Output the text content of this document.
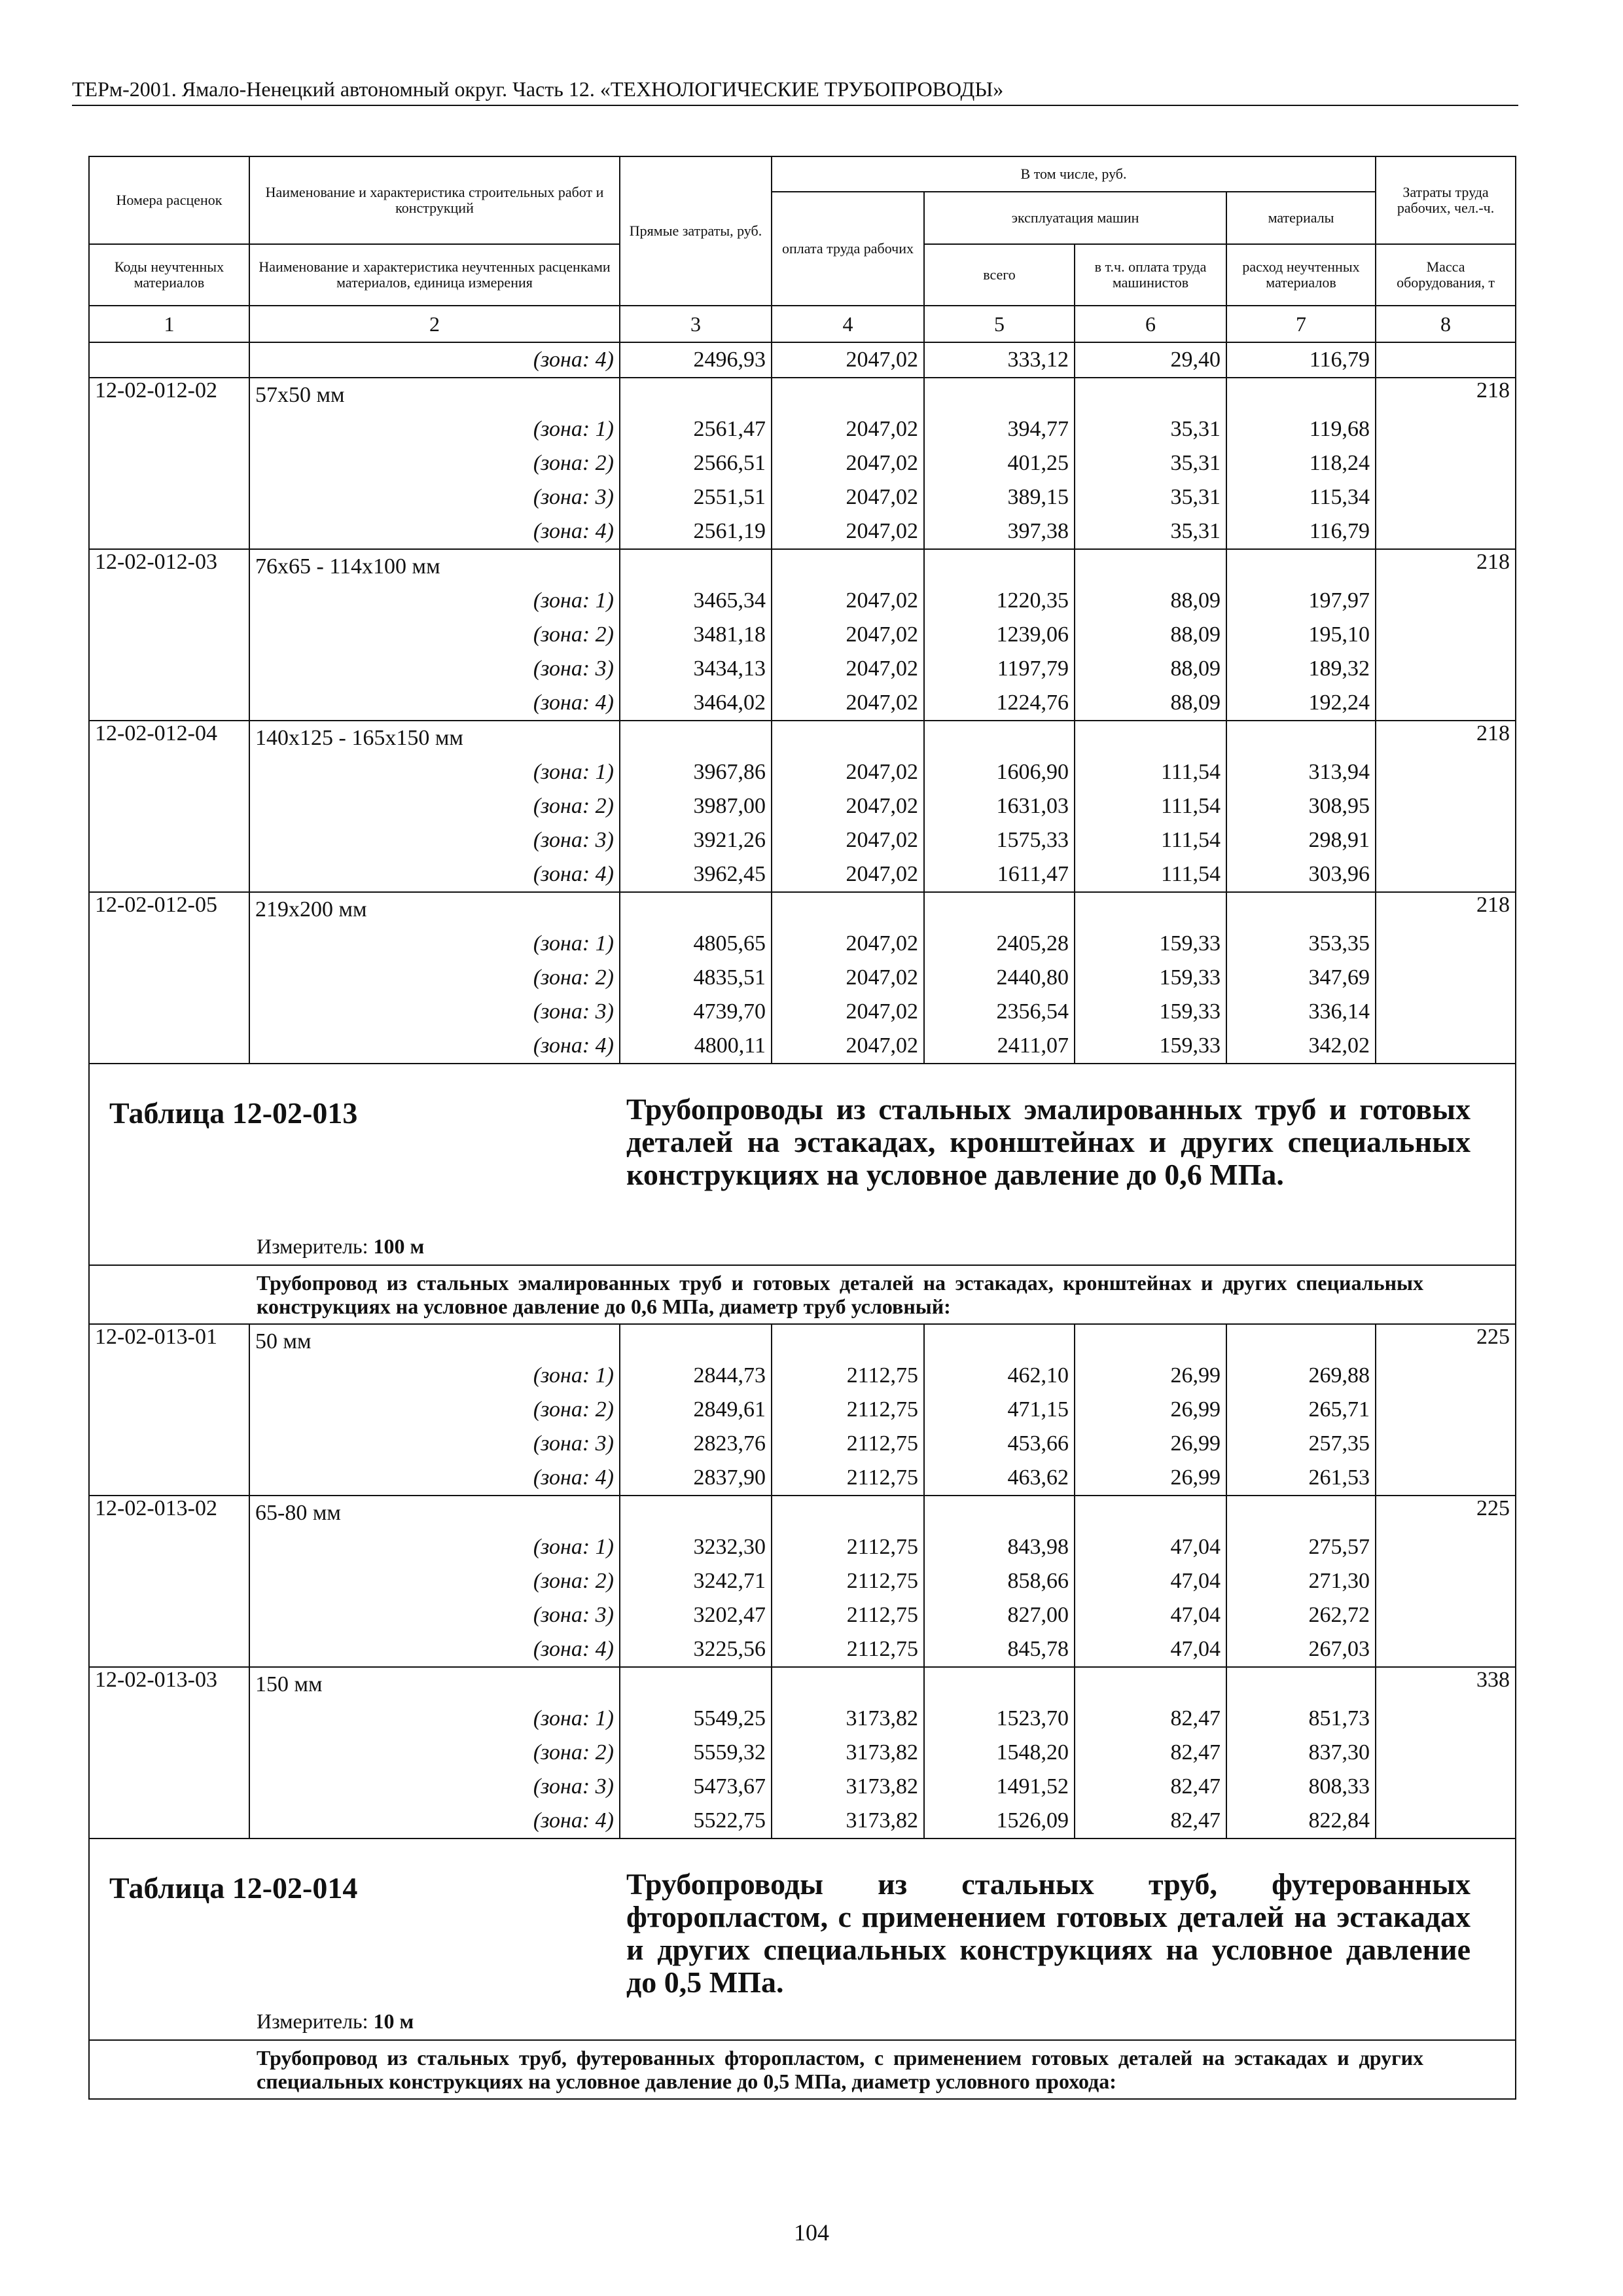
ТЕРм-2001. Ямало-Ненецкий автономный округ. Часть 12. «ТЕХНОЛОГИЧЕСКИЕ ТРУБОПРОВОДЫ»
Номера расценок	Наименование и характеристика строительных работ и конструкций	Прямые затраты, руб.	В том числе, руб.				Затраты труда рабочих, чел.-ч.
			оплата труда рабочих	эксплуатация машин		материалы	
Коды неучтенных материалов	Наименование и характеристика неучтенных расценками материалов, единица измерения			всего	в т.ч. оплата труда машинистов	расход неучтенных материалов	Масса оборудования, т

1	2	3	4	5	6	7	8
	(зона: 4)	2496,93	2047,02	333,12	29,40	116,79	
12-02-012-02	57x50 мм						218
	(зона: 1)	2561,47	2047,02	394,77	35,31	119,68	
	(зона: 2)	2566,51	2047,02	401,25	35,31	118,24	
	(зона: 3)	2551,51	2047,02	389,15	35,31	115,34	
	(зона: 4)	2561,19	2047,02	397,38	35,31	116,79	
12-02-012-03	76x65 - 114x100 мм						218
	(зона: 1)	3465,34	2047,02	1220,35	88,09	197,97	
	(зона: 2)	3481,18	2047,02	1239,06	88,09	195,10	
	(зона: 3)	3434,13	2047,02	1197,79	88,09	189,32	
	(зона: 4)	3464,02	2047,02	1224,76	88,09	192,24	
12-02-012-04	140x125 - 165x150 мм						218
	(зона: 1)	3967,86	2047,02	1606,90	111,54	313,94	
	(зона: 2)	3987,00	2047,02	1631,03	111,54	308,95	
	(зона: 3)	3921,26	2047,02	1575,33	111,54	298,91	
	(зона: 4)	3962,45	2047,02	1611,47	111,54	303,96	
12-02-012-05	219x200 мм						218
	(зона: 1)	4805,65	2047,02	2405,28	159,33	353,35	
	(зона: 2)	4835,51	2047,02	2440,80	159,33	347,69	
	(зона: 3)	4739,70	2047,02	2356,54	159,33	336,14	
	(зона: 4)	4800,11	2047,02	2411,07	159,33	342,02	

Таблица 12-02-013 Трубопроводы из стальных эмалированных труб и готовых деталей на эстакадах, кронштейнах и других специальных конструкциях на условное давление до 0,6 МПа.
Измеритель: 100 м							

Трубопровод из стальных эмалированных труб и готовых деталей на эстакадах, кронштейнах и других специальных конструкциях на условное давление до 0,6 МПа, диаметр труб условный:							
12-02-013-01	50 мм						225
	(зона: 1)	2844,73	2112,75	462,10	26,99	269,88	
	(зона: 2)	2849,61	2112,75	471,15	26,99	265,71	
	(зона: 3)	2823,76	2112,75	453,66	26,99	257,35	
	(зона: 4)	2837,90	2112,75	463,62	26,99	261,53	
12-02-013-02	65-80 мм						225
	(зона: 1)	3232,30	2112,75	843,98	47,04	275,57	
	(зона: 2)	3242,71	2112,75	858,66	47,04	271,30	
	(зона: 3)	3202,47	2112,75	827,00	47,04	262,72	
	(зона: 4)	3225,56	2112,75	845,78	47,04	267,03	
12-02-013-03	150 мм						338
	(зона: 1)	5549,25	3173,82	1523,70	82,47	851,73	
	(зона: 2)	5559,32	3173,82	1548,20	82,47	837,30	
	(зона: 3)	5473,67	3173,82	1491,52	82,47	808,33	
	(зона: 4)	5522,75	3173,82	1526,09	82,47	822,84	

Таблица 12-02-014 Трубопроводы из стальных труб, футерованных фторопластом, с применением готовых деталей на эстакадах и других специальных конструкциях на условное давление до 0,5 МПа.
Измеритель: 10 м							

Трубопровод из стальных труб, футерованных фторопластом, с применением готовых деталей на эстакадах и других специальных конструкциях на условное давление до 0,5 МПа, диаметр условного прохода:							
104
